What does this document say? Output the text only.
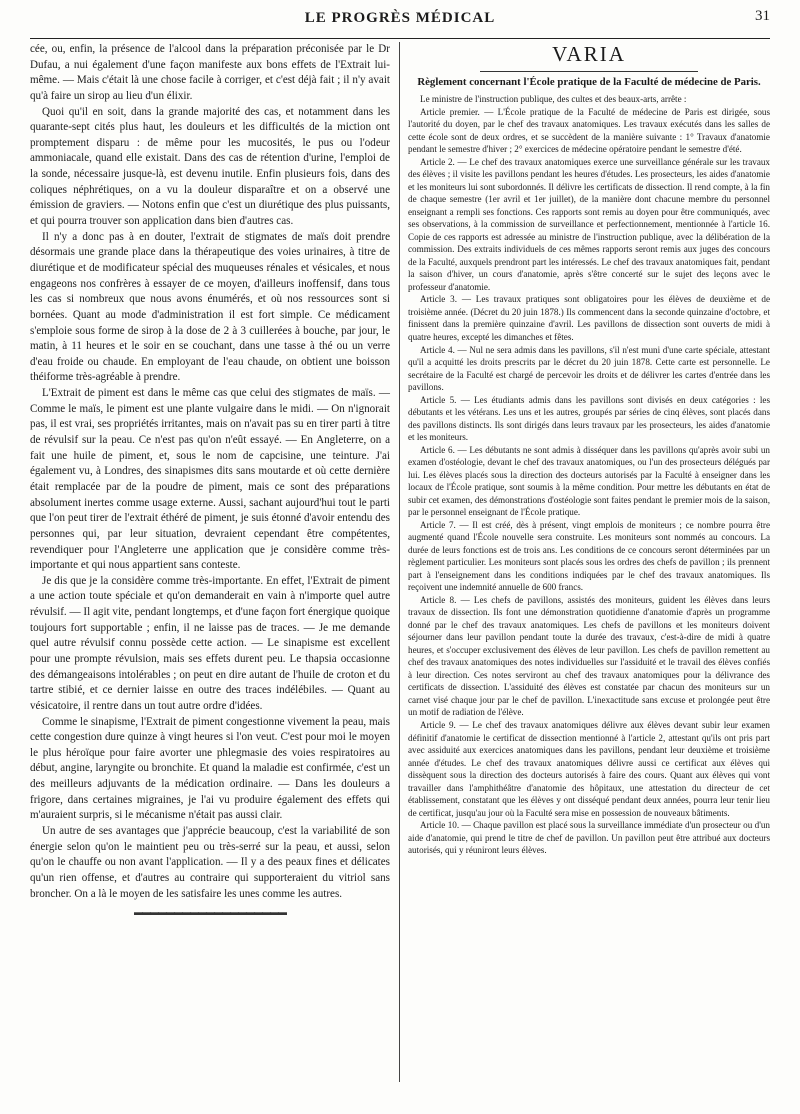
LE PROGRÈS MÉDICAL	31

cée, ou, enfin, la présence de l'alcool dans la préparation préconisée par le Dr Dufau, a nui également d'une façon manifeste aux bons effets de l'Extrait lui-même. — Mais c'était là une chose facile à corriger, et c'est déjà fait ; il n'y avait qu'à faire un sirop au lieu d'un élixir.

Quoi qu'il en soit, dans la grande majorité des cas, et notamment dans les quarante-sept cités plus haut, les douleurs et les difficultés de la miction ont promptement disparu : de même pour les mucosités, le pus ou l'odeur ammoniacale, quand elle existait. Dans des cas de rétention d'urine, l'emploi de la sonde, nécessaire jusque-là, est devenu inutile. Enfin plusieurs fois, dans des coliques néphrétiques, on a vu la douleur disparaître et on a observé une émission de graviers. — Notons enfin que c'est un diurétique des plus puissants, et qui pourra trouver son application dans bien d'autres cas.

Il n'y a donc pas à en douter, l'extrait de stigmates de maïs doit prendre désormais une grande place dans la thérapeutique des voies urinaires, à titre de diurétique et de modificateur spécial des muqueuses rénales et vésicales, et nous engageons nos confrères à essayer de ce moyen, d'ailleurs inoffensif, dans tous les cas si nombreux que nous avons énumérés, et où nos ressources sont si bornées. Quant au mode d'administration il est fort simple. Ce médicament s'emploie sous forme de sirop à la dose de 2 à 3 cuillerées à bouche, par jour, le matin, à 11 heures et le soir en se couchant, dans une tasse à thé ou un verre d'eau froide ou chaude. En employant de l'eau chaude, on obtient une boisson théiforme très-agréable à prendre.

L'Extrait de piment est dans le même cas que celui des stigmates de maïs. — Comme le maïs, le piment est une plante vulgaire dans le midi. — On n'ignorait pas, il est vrai, ses propriétés irritantes, mais on n'avait pas su en tirer parti à titre de révulsif sur la peau. Ce n'est pas qu'on n'eût essayé. — En Angleterre, on a fait une huile de piment, et, sous le nom de capcisine, une teinture. J'ai également vu, à Londres, des sinapismes dits sans moutarde et où cette dernière était remplacée par de la poudre de piment, mais ce sont des préparations absolument inertes comme usage externe. Aussi, sachant aujourd'hui tout le parti que l'on peut tirer de l'extrait éthéré de piment, je suis étonné d'avoir entendu des personnes qui, par leur situation, devraient cependant être compétentes, revendiquer pour l'Angleterre une application que je considère comme très-importante et qui nous appartient sans conteste.

Je dis que je la considère comme très-importante. En effet, l'Extrait de piment a une action toute spéciale et qu'on demanderait en vain à n'importe quel autre révulsif. — Il agit vite, pendant longtemps, et d'une façon fort énergique quoique toujours fort supportable ; enfin, il ne laisse pas de traces. — Je me demande quel autre révulsif connu possède cette action. — Le sinapisme est excellent pour une prompte révulsion, mais ses effets durent peu. Le thapsia occasionne des démangeaisons intolérables ; on peut en dire autant de l'huile de croton et du tartre stibié, et ce dernier laisse en outre des traces indélébiles. — Quant au vésicatoire, il rentre dans un tout autre ordre d'idées.

Comme le sinapisme, l'Extrait de piment congestionne vivement la peau, mais cette congestion dure quinze à vingt heures si l'on veut. C'est pour moi le moyen le plus héroïque pour faire avorter une phlegmasie des voies respiratoires au début, angine, laryngite ou bronchite. Et quand la maladie est confirmée, c'est un des meilleurs adjuvants de la médication ordinaire. — Dans les douleurs a frigore, dans certaines migraines, je l'ai vu produire également des effets qui m'auraient surpris, si le mécanisme n'était pas aussi clair.

Un autre de ses avantages que j'apprécie beaucoup, c'est la variabilité de son énergie selon qu'on le maintient peu ou très-serré sur la peau, et aussi, selon qu'on le chauffe ou non avant l'application. — Il y a des peaux fines et délicates qu'un rien offense, et d'autres au contraire qui supporteraient du vitriol sans broncher. On a là le moyen de les satisfaire les unes comme les autres.

▬▬▬▬▬▬▬▬▬▬▬▬▬▬▬▬▬▬▬
VARIA
Règlement concernant l'École pratique de la Faculté de médecine de Paris.

Le ministre de l'instruction publique, des cultes et des beaux-arts, arrête :

Article premier. — L'École pratique de la Faculté de médecine de Paris est dirigée, sous l'autorité du doyen, par le chef des travaux anatomiques. Les travaux exécutés dans les salles de cette école sont de deux ordres, et se succèdent de la manière suivante : 1° Travaux d'anatomie pendant le semestre d'hiver ; 2° exercices de médecine opératoire pendant le semestre d'été.

Article 2. — Le chef des travaux anatomiques exerce une surveillance générale sur les travaux des élèves ; il visite les pavillons pendant les heures d'études. Les prosecteurs, les aides d'anatomie et les moniteurs lui sont subordonnés. Il délivre les certificats de dissection. Il rend compte, à la fin de chaque semestre (1er avril et 1er juillet), de la manière dont chacune membre du personnel enseignant a rempli ses fonctions. Ces rapports sont remis au doyen pour être communiqués, avec ses observations, à la commission de surveillance et perfectionnement, mentionnée à l'article 16. Copie de ces rapports est adressée au ministre de l'instruction publique, avec la délibération de la commission. Des extraits individuels de ces mêmes rapports seront remis aux juges des concours de la Faculté, auxquels prendront part les intéressés. Le chef des travaux anatomiques fait, pendant la saison d'hiver, un cours d'anatomie, après s'être concerté sur le sujet des leçons avec le professeur d'anatomie.

Article 3. — Les travaux pratiques sont obligatoires pour les élèves de deuxième et de troisième année. (Décret du 20 juin 1878.) Ils commencent dans la seconde quinzaine d'octobre, et finissent dans la première quinzaine d'avril. Les pavillons de dissection sont ouverts de midi à quatre heures, excepté les dimanches et fêtes.

Article 4. — Nul ne sera admis dans les pavillons, s'il n'est muni d'une carte spéciale, attestant qu'il a acquitté les droits prescrits par le décret du 20 juin 1878. Cette carte est personnelle. Le secrétaire de la Faculté est chargé de percevoir les droits et de délivrer les cartes d'entrée dans les pavillons.

Article 5. — Les étudiants admis dans les pavillons sont divisés en deux catégories : les débutants et les vétérans. Les uns et les autres, groupés par séries de cinq élèves, sont placés dans des pavillons distincts. Ils sont dirigés dans leurs travaux par les prosecteurs, les aides d'anatomie et les moniteurs.

Article 6. — Les débutants ne sont admis à disséquer dans les pavillons qu'après avoir subi un examen d'ostéologie, devant le chef des travaux anatomiques, ou l'un des prosecteurs délégués par lui. Les élèves placés sous la direction des docteurs autorisés par la Faculté à enseigner dans les locaux de l'École pratique, sont soumis à la même condition. Pour mettre les débutants en état de subir cet examen, des démonstrations d'ostéologie sont faites pendant le premier mois de la saison, par le personnel enseignant de l'École pratique.

Article 7. — Il est créé, dès à présent, vingt emplois de moniteurs ; ce nombre pourra être augmenté quand l'École nouvelle sera construite. Les moniteurs sont nommés au concours. La durée de leurs fonctions est de trois ans. Les conditions de ce concours seront déterminées par un règlement particulier. Les moniteurs sont placés sous les ordres des chefs de pavillon ; ils prennent part à l'enseignement dans les conditions indiquées par le chef des travaux anatomiques. Ils reçoivent une indemnité annuelle de 600 francs.

Article 8. — Les chefs de pavillons, assistés des moniteurs, guident les élèves dans leurs travaux de dissection. Ils font une démonstration quotidienne d'anatomie d'après un programme donné par le chef des travaux anatomiques. Les chefs de pavillons et les moniteurs doivent séjourner dans leur pavillon pendant toute la durée des travaux, c'est-à-dire de midi à quatre heures, et s'occuper exclusivement des élèves de leur pavillon. Les chefs de pavillon remettent au chef des travaux anatomiques des notes individuelles sur l'assiduité et le travail des élèves confiés à leur direction. Ces notes serviront au chef des travaux anatomiques pour la délivrance des certificats de dissection. L'assiduité des élèves est constatée par chacun des moniteurs sur un carnet visé chaque jour par le chef de pavillon. L'inexactitude sans excuse et prolongée peut être un motif de radiation de l'élève.

Article 9. — Le chef des travaux anatomiques délivre aux élèves devant subir leur examen définitif d'anatomie le certificat de dissection mentionné à l'article 2, attestant qu'ils ont pris part avec assiduité aux exercices anatomiques dans les pavillons, pendant leur deuxième et troisième année d'études. Le chef des travaux anatomiques délivre aussi ce certificat aux élèves qui dissèquent sous la direction des docteurs autorisés à faire des cours. Quant aux élèves qui vont travailler dans l'amphithéâtre d'anatomie des hôpitaux, une attestation du directeur de cet établissement, constatant que les élèves y ont disséqué pendant deux années, pourra leur tenir lieu de certificat, jusqu'au jour où la Faculté sera mise en possession de nouveaux bâtiments.

Article 10. — Chaque pavillon est placé sous la surveillance immédiate d'un prosecteur ou d'un aide d'anatomie, qui prend le titre de chef de pavillon. Un pavillon peut être attribué aux docteurs autorisés, qui y réuniront leurs élèves.
